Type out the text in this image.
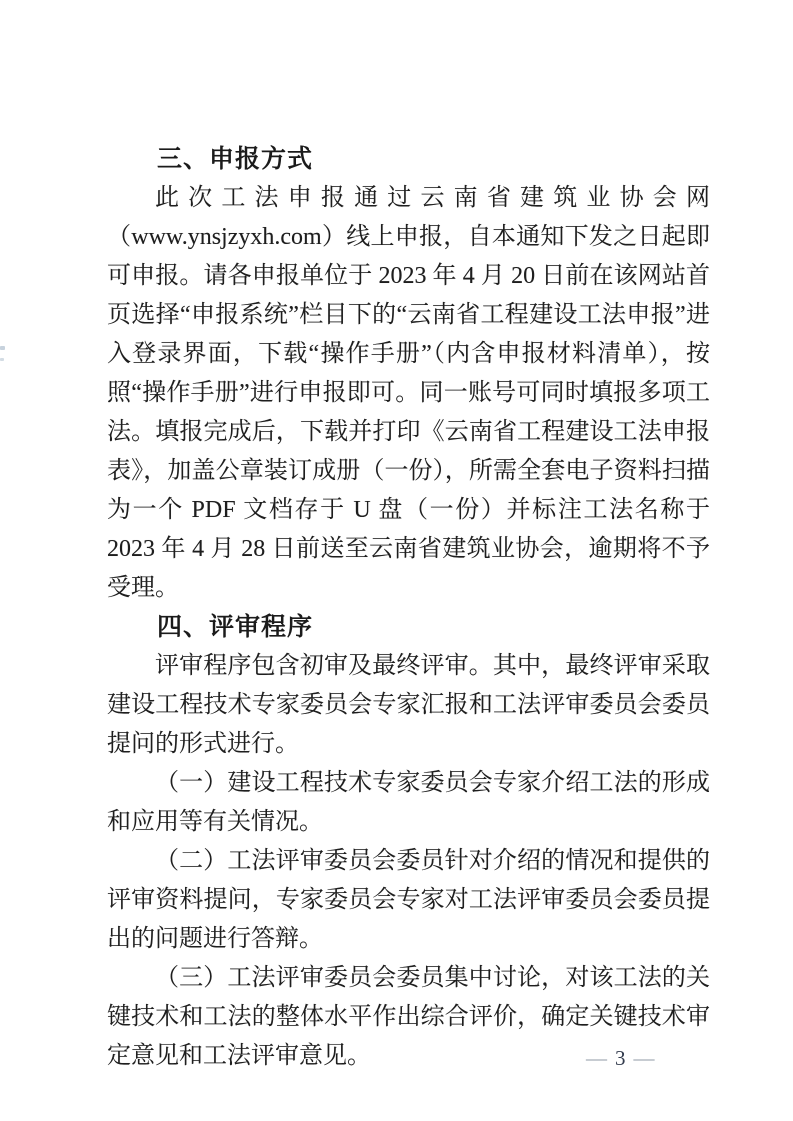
三、申报方式

此次工法申报通过云南省建筑业协会网（www.ynsjzyxh.com）线上申报，自本通知下发之日起即可申报。请各申报单位于 2023 年 4 月 20 日前在该网站首页选择“申报系统”栏目下的“云南省工程建设工法申报”进入登录界面，下载“操作手册”（内含申报材料清单），按照“操作手册”进行申报即可。同一账号可同时填报多项工法。填报完成后，下载并打印《云南省工程建设工法申报表》，加盖公章装订成册（一份），所需全套电子资料扫描为一个 PDF 文档存于 U 盘（一份）并标注工法名称于 2023 年 4 月 28 日前送至云南省建筑业协会，逾期将不予受理。

四、评审程序

评审程序包含初审及最终评审。其中，最终评审采取建设工程技术专家委员会专家汇报和工法评审委员会委员提问的形式进行。

（一）建设工程技术专家委员会专家介绍工法的形成和应用等有关情况。

（二）工法评审委员会委员针对介绍的情况和提供的评审资料提问，专家委员会专家对工法评审委员会委员提出的问题进行答辩。

（三）工法评审委员会委员集中讨论，对该工法的关键技术和工法的整体水平作出综合评价，确定关键技术审定意见和工法评审意见。	— 3 —
